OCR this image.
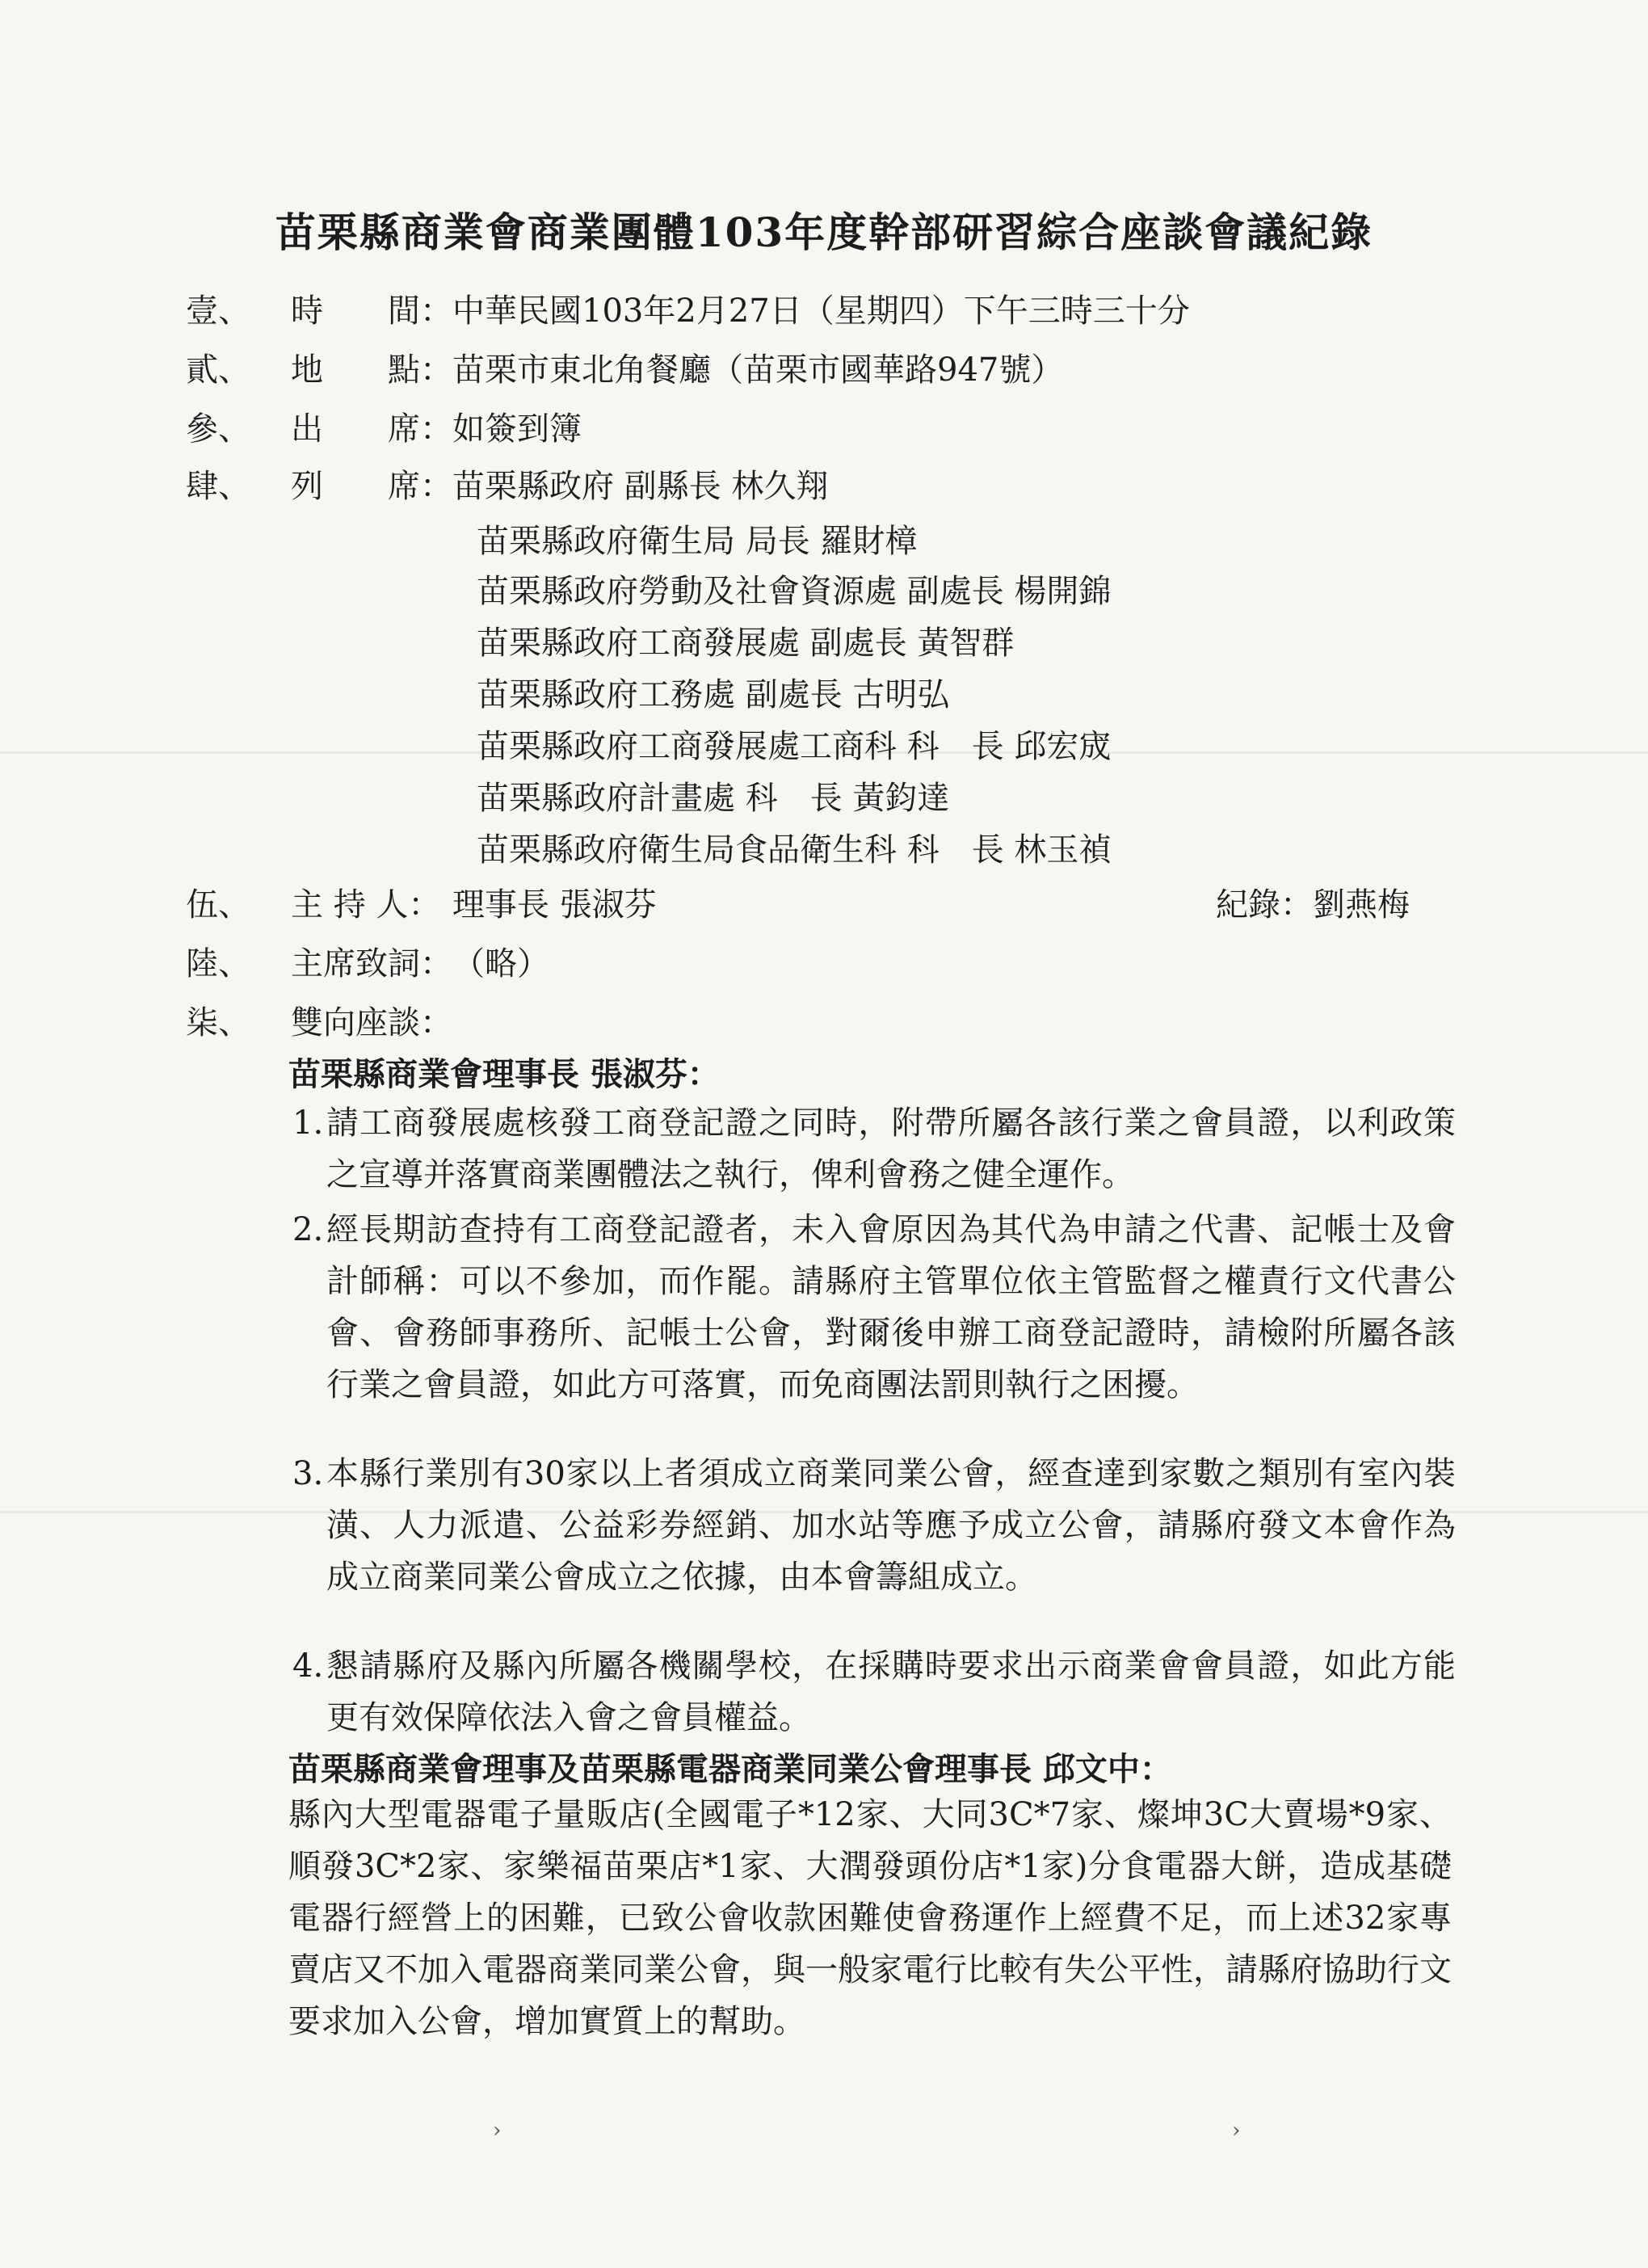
苗栗縣商業會商業團體103年度幹部研習綜合座談會議紀錄
壹、 時　　間：中華民國103年2月27日（星期四）下午三時三十分
貳、 地　　點：苗栗市東北角餐廳（苗栗市國華路947號）
參、 出　　席：如簽到簿
肆、 列　　席：苗栗縣政府 副縣長 林久翔
苗栗縣政府衛生局 局長 羅財樟
苗栗縣政府勞動及社會資源處 副處長 楊開錦
苗栗縣政府工商發展處 副處長 黃智群
苗栗縣政府工務處 副處長 古明弘
苗栗縣政府工商發展處工商科 科　長 邱宏宬
苗栗縣政府計畫處 科　長 黃鈞達
苗栗縣政府衛生局食品衛生科 科　長 林玉禎
伍、 主 持 人： 理事長 張淑芬	紀錄：劉燕梅
陸、 主席致詞：（略）
柒、 雙向座談：
苗栗縣商業會理事長 張淑芬：
1. 請工商發展處核發工商登記證之同時，附帶所屬各該行業之會員證，以利政策之宣導并落實商業團體法之執行，俾利會務之健全運作。
2. 經長期訪查持有工商登記證者，未入會原因為其代為申請之代書、記帳士及會計師稱：可以不參加，而作罷。請縣府主管單位依主管監督之權責行文代書公會、會務師事務所、記帳士公會，對爾後申辦工商登記證時，請檢附所屬各該行業之會員證，如此方可落實，而免商團法罰則執行之困擾。
3. 本縣行業別有30家以上者須成立商業同業公會，經查達到家數之類別有室內裝潢、人力派遣、公益彩券經銷、加水站等應予成立公會，請縣府發文本會作為成立商業同業公會成立之依據，由本會籌組成立。
4. 懇請縣府及縣內所屬各機關學校，在採購時要求出示商業會會員證，如此方能更有效保障依法入會之會員權益。
苗栗縣商業會理事及苗栗縣電器商業同業公會理事長 邱文中：
縣內大型電器電子量販店(全國電子*12家、大同3C*7家、燦坤3C大賣場*9家、順發3C*2家、家樂福苗栗店*1家、大潤發頭份店*1家)分食電器大餅，造成基礎電器行經營上的困難，已致公會收款困難使會務運作上經費不足，而上述32家專賣店又不加入電器商業同業公會，與一般家電行比較有失公平性，請縣府協助行文要求加入公會，增加實質上的幫助。
›	›
